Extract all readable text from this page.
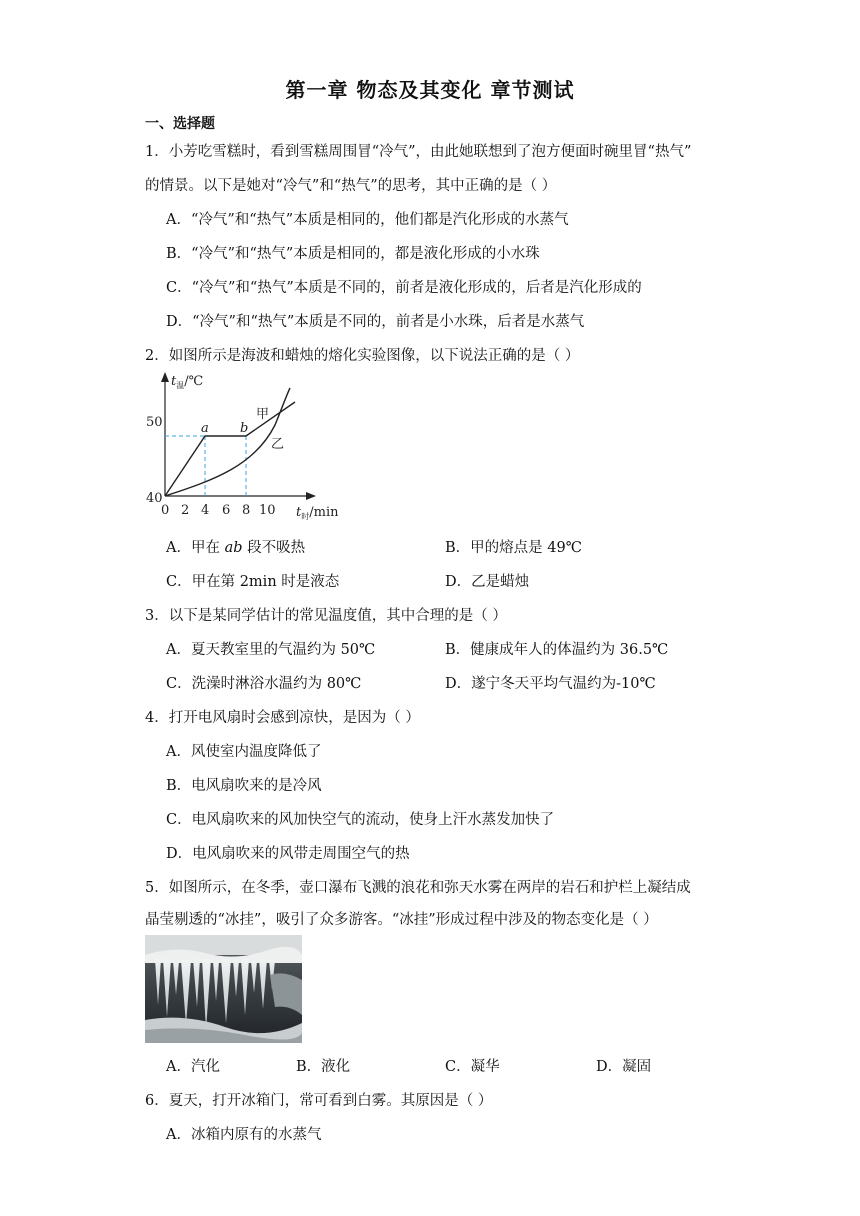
第一章 物态及其变化 章节测试
一、选择题
1．小芳吃雪糕时，看到雪糕周围冒“冷气”，由此她联想到了泡方便面时碗里冒“热气”
的情景。以下是她对“冷气”和“热气”的思考，其中正确的是（ ）
A．“冷气”和“热气”本质是相同的，他们都是汽化形成的水蒸气
B．“冷气”和“热气”本质是相同的，都是液化形成的小水珠
C．“冷气”和“热气”本质是不同的，前者是液化形成的，后者是汽化形成的
D．“冷气”和“热气”本质是不同的，前者是小水珠，后者是水蒸气
2．如图所示是海波和蜡烛的熔化实验图像，以下说法正确的是（ ）
$t_温/℃$
50
40
0 2 4 6 8 10 $t_时/\min$
a b
甲
乙
A．甲在 ab 段不吸热	B．甲的熔点是 49℃
C．甲在第 2min 时是液态	D．乙是蜡烛
3．以下是某同学估计的常见温度值，其中合理的是（ ）
A．夏天教室里的气温约为 50℃	B．健康成年人的体温约为 36.5℃
C．洗澡时淋浴水温约为 80℃	D．遂宁冬天平均气温约为-10℃
4．打开电风扇时会感到凉快，是因为（ ）
A．风使室内温度降低了
B．电风扇吹来的是冷风
C．电风扇吹来的风加快空气的流动，使身上汗水蒸发加快了
D．电风扇吹来的风带走周围空气的热
5．如图所示，在冬季，壶口瀑布飞溅的浪花和弥天水雾在两岸的岩石和护栏上凝结成
晶莹剔透的“冰挂”，吸引了众多游客。“冰挂”形成过程中涉及的物态变化是（ ）
A．汽化	B．液化	C．凝华	D．凝固
6．夏天，打开冰箱门，常可看到白雾。其原因是（ ）
A．冰箱内原有的水蒸气
